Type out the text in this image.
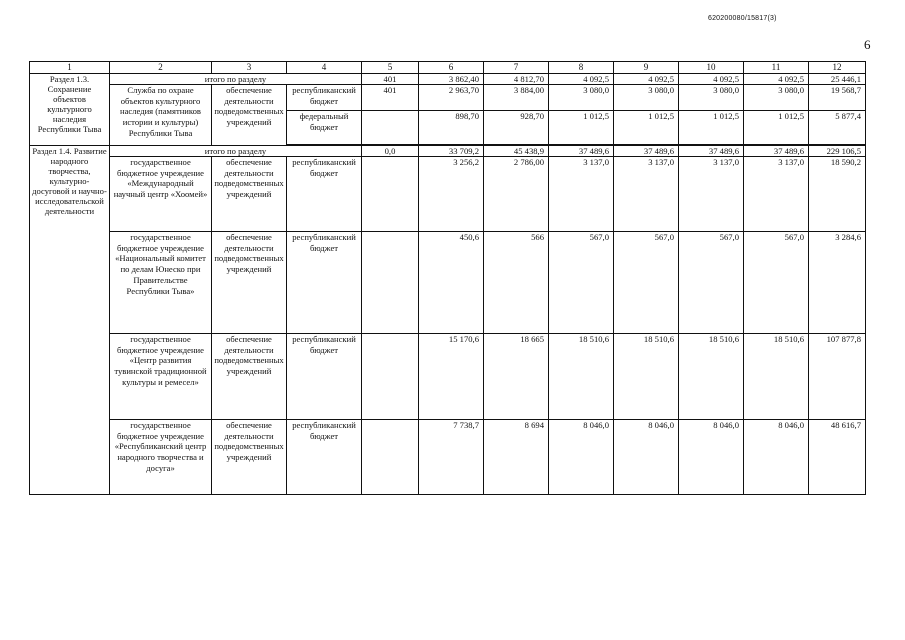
620200080/15817(3)
6
1	2	3	4	5	6	7	8	9	10	11	12
Раздел 1.3. Сохранение объектов культурного наследия Республики Тыва	итого по разделу			401	3 862,40	4 812,70	4 092,5	4 092,5	4 092,5	4 092,5	25 446,1
	Служба по охране объектов культурного наследия (памятников истории и культуры) Республики Тыва	обеспечение деятельности подведомственных учреждений	республиканский бюджет	401	2 963,70	3 884,00	3 080,0	3 080,0	3 080,0	3 080,0	19 568,7
			федеральный бюджет		898,70	928,70	1 012,5	1 012,5	1 012,5	1 012,5	5 877,4

Раздел 1.4. Развитие народного творчества, культурно-досуговой и научно-исследовательской деятельности	итого по разделу			0,0	33 709,2	45 438,9	37 489,6	37 489,6	37 489,6	37 489,6	229 106,5
	государственное бюджетное учреждение «Международный научный центр «Хоомей»	обеспечение деятельности подведомственных учреждений	республиканский бюджет		3 256,2	2 786,00	3 137,0	3 137,0	3 137,0	3 137,0	18 590,2
	государственное бюджетное учреждение «Национальный комитет по делам Юнеско при Правительстве Республики Тыва»	обеспечение деятельности подведомственных учреждений	республиканский бюджет		450,6	566	567,0	567,0	567,0	567,0	3 284,6
	государственное бюджетное учреждение «Центр развития тувинской традиционной культуры и ремесел»	обеспечение деятельности подведомственных учреждений	республиканский бюджет		15 170,6	18 665	18 510,6	18 510,6	18 510,6	18 510,6	107 877,8
	государственное бюджетное учреждение «Республиканский центр народного творчества и досуга»	обеспечение деятельности подведомственных учреждений	республиканский бюджет		7 738,7	8 694	8 046,0	8 046,0	8 046,0	8 046,0	48 616,7
